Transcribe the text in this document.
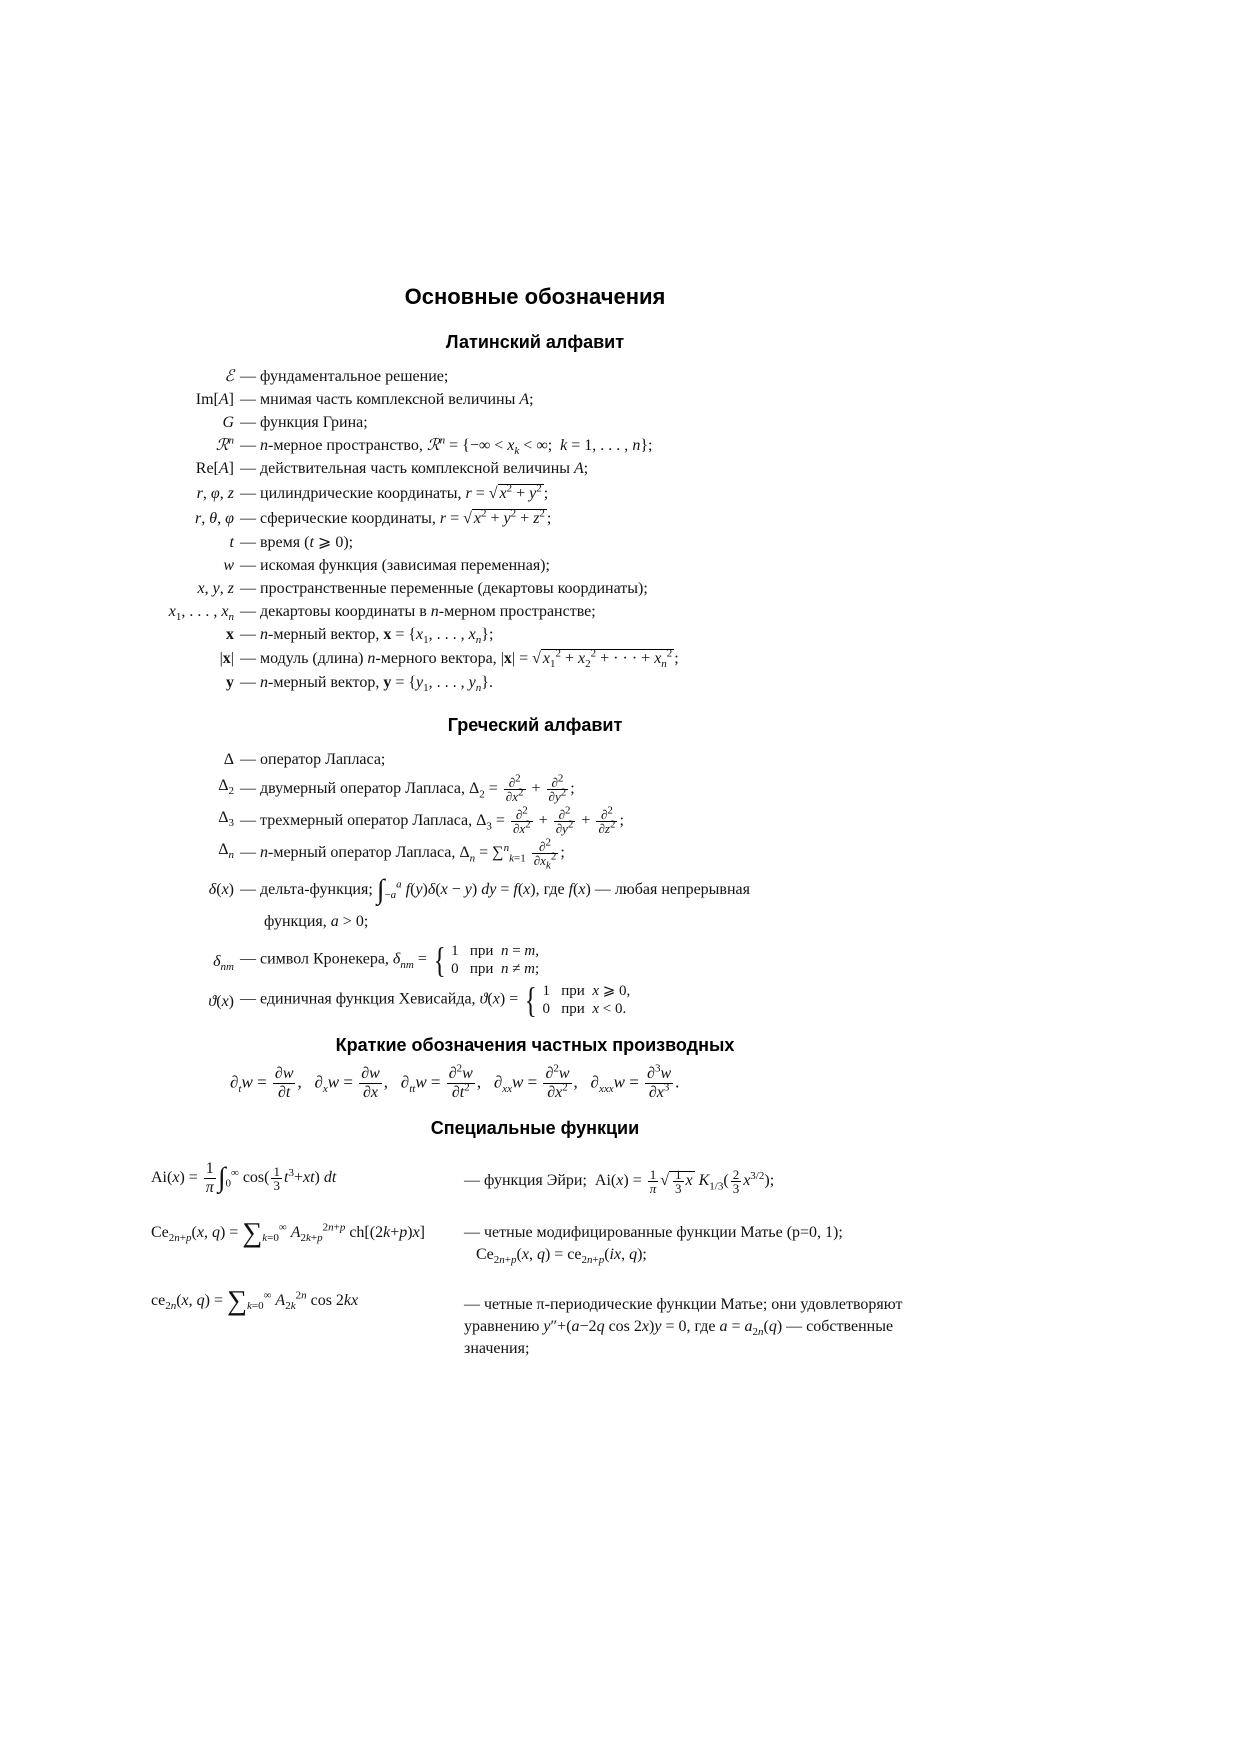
Основные обозначения
Латинский алфавит
ℰ — фундаментальное решение;
Im[A] — мнимая часть комплексной величины A;
G — функция Грина;
ℛ$^n$ — n-мерное пространство, ℛ$^n$ = {−∞ < $x_k$ < ∞;  k = 1, . . . , n};
Re[A] — действительная часть комплексной величины A;
r, φ, z — цилиндрические координаты, r = √ $x^2 + y^2$ ;
r, θ, φ — сферические координаты, r = √ $x^2 + y^2 + z^2$ ;
t — время (t ⩾ 0);
w — искомая функция (зависимая переменная);
x, y, z — пространственные переменные (декартовы координаты);
$x_1$, . . . , $x_n$ — декартовы координаты в n-мерном пространстве;
x — n-мерный вектор, $x = \{x_1$, . . . , $x_n$};
|x| — модуль (длина) n-мерного вектора, |x| = √ $x_1^2 + x_2^2$ + · · · + $x_n^2$ ;
y — n-мерный вектор, $y = \{y_1$, . . . , $y_n$}.
Греческий алфавит
Δ — оператор Лапласа;
$\Delta_2$ — двумерный оператор Лапласа, $\Delta_2 = \frac{\partial^2}{\partial x^2} + \frac{\partial^2}{\partial y^2}$ ;
$\Delta_3$ — трехмерный оператор Лапласа, $\Delta_3 = \frac{\partial^2}{\partial x^2} + \frac{\partial^2}{\partial y^2} + \frac{\partial^2}{\partial z^2}$ ;
$\Delta_n$ — n-мерный оператор Лапласа, $\Delta_n = \sum^n_{k=1} \frac{\partial^2}{\partial x_k^2}$ ;
δ(x) — дельта-функция; $\int_{-a}^a$ f(y)δ(x − y) dy = f(x), где f(x) — любая непрерывная
функция, a > 0;
$\delta_{nm}$ — символ Кронекера, $\delta_{nm}$ = { 1   при n = m,
0   при  n ≠ m;
ϑ(x) — единичная функция Хевисайда, ϑ(x) = { 1   при  x ⩾ 0,
0   при  x < 0.
Краткие обозначения частных производных
$\partial_tw = \frac{\partial w}{\partial t}$ ,   $\partial_xw = \frac{\partial w}{\partial x}$ ,   $\partial_{tt}w = \frac{\partial^2w}{\partial t^2}$ ,   $\partial_{xx}w = \frac{\partial^2w}{\partial x^2}$ ,   $\partial_{xxx}w = \frac{\partial^3w}{\partial x^3}$ .
Специальные функции
$Ai(x) = \frac{1}{\pi} \int_0^\infty$ $\cos( \frac{1}{3} t^3+xt)$ dt	— функция Эйри;  $Ai(x) = \frac{1}{\pi}$ √ $\frac{1}{3}$ x $K_{1/3}( \frac{2}{3} x^{3/2})$;
$Ce_{2n+p}(x$, $q) = \sum_{k=0}^\infty$ $A_{2k+p}^{2n+p}$ ch[(2k+p)x] — четные модифицированные функции Матье (p=0, 1);
$Ce_{2n+p}(x$, $q) = ce_{2n+p}(ix$, q);
$ce_{2n}(x$, $q) = \sum_{k=0}^\infty$ $A_{2k}^{2n}$ cos 2kx	— четные π-периодические функции Матье; они удовлетворяют уравнению y″+(a−2q cos 2x)y = 0, где $a = a_{2n}(q)$ — собственные значения;
